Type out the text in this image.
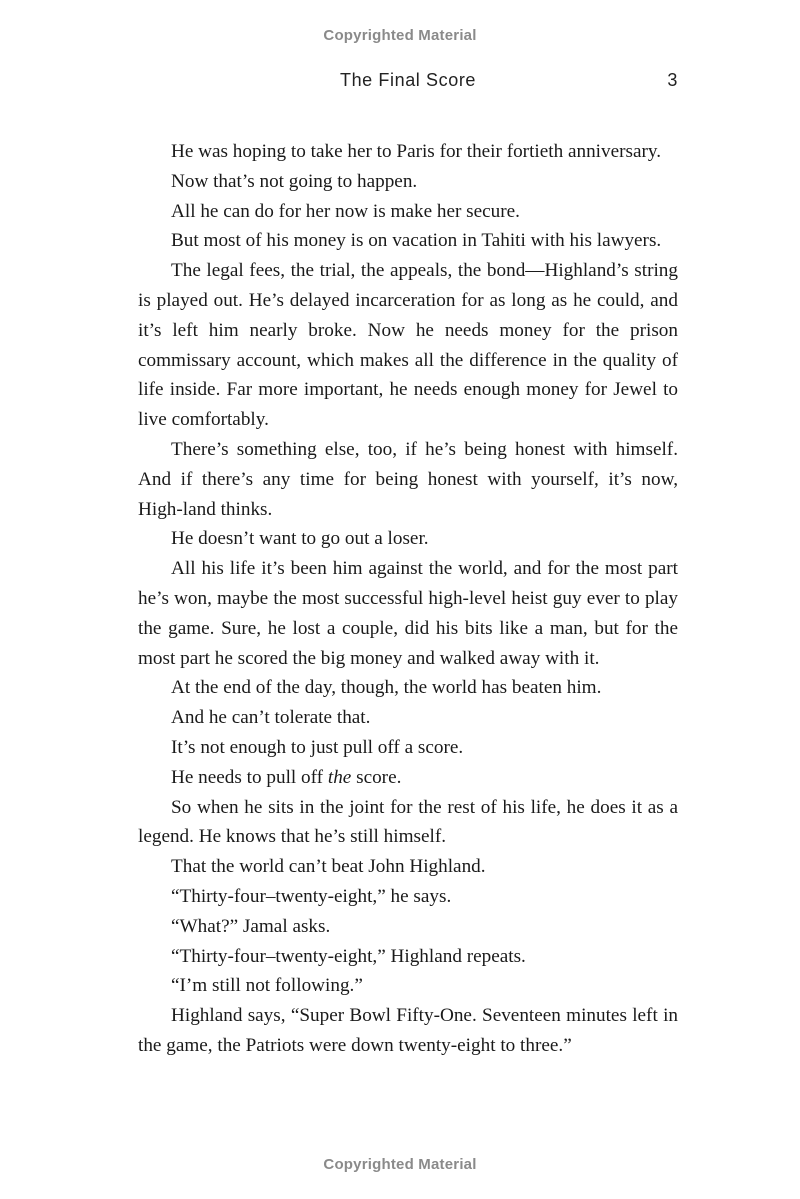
Copyrighted Material
The Final Score	3

He was hoping to take her to Paris for their fortieth anniversary.

Now that’s not going to happen.

All he can do for her now is make her secure.

But most of his money is on vacation in Tahiti with his lawyers.

The legal fees, the trial, the appeals, the bond—Highland’s string is played out. He’s delayed incarceration for as long as he could, and it’s left him nearly broke. Now he needs money for the prison commissary account, which makes all the difference in the quality of life inside. Far more important, he needs enough money for Jewel to live comfortably.

There’s something else, too, if he’s being honest with himself. And if there’s any time for being honest with yourself, it’s now, High-land thinks.

He doesn’t want to go out a loser.

All his life it’s been him against the world, and for the most part he’s won, maybe the most successful high-level heist guy ever to play the game. Sure, he lost a couple, did his bits like a man, but for the most part he scored the big money and walked away with it.

At the end of the day, though, the world has beaten him.

And he can’t tolerate that.

It’s not enough to just pull off a score.

He needs to pull off the score.

So when he sits in the joint for the rest of his life, he does it as a legend. He knows that he’s still himself.

That the world can’t beat John Highland.

“Thirty-four–twenty-eight,” he says.

“What?” Jamal asks.

“Thirty-four–twenty-eight,” Highland repeats.

“I’m still not following.”

Highland says, “Super Bowl Fifty-One. Seventeen minutes left in the game, the Patriots were down twenty-eight to three.”

Copyrighted Material
